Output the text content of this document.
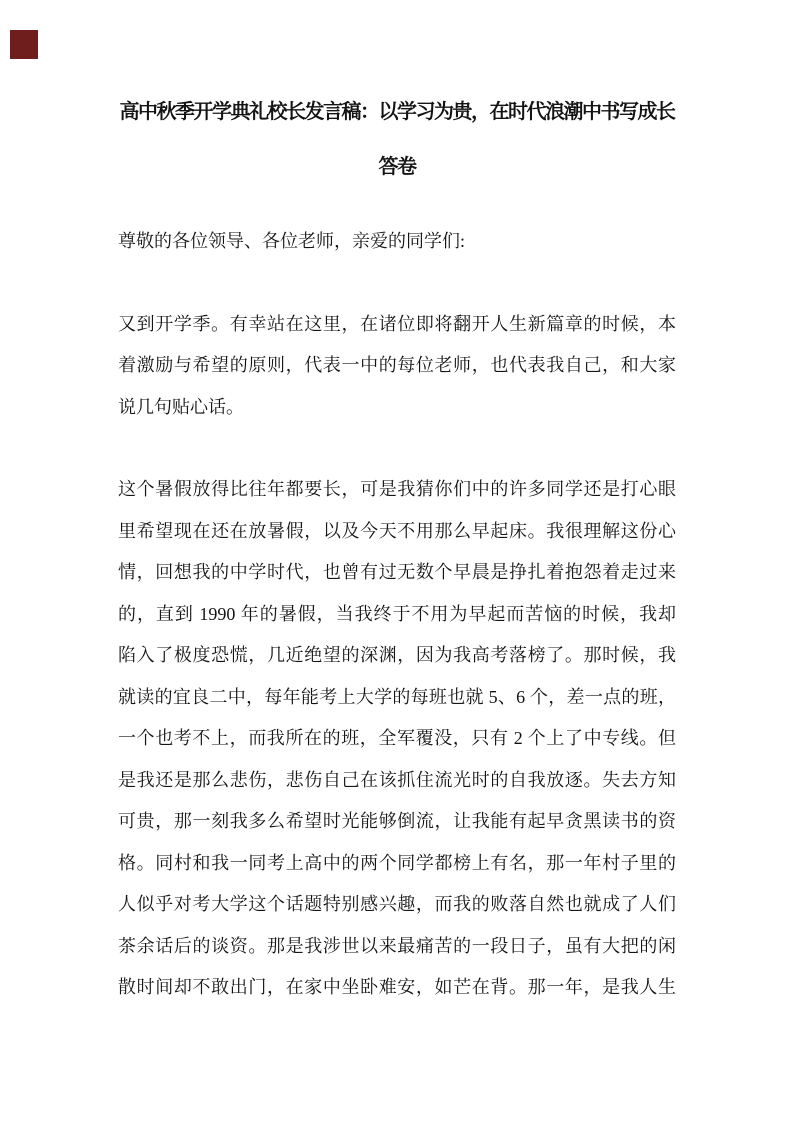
高中秋季开学典礼校长发言稿：以学习为贵，在时代浪潮中书写成长
答卷
尊敬的各位领导、各位老师，亲爱的同学们:
又到开学季。有幸站在这里，在诸位即将翻开人生新篇章的时候，本
着激励与希望的原则，代表一中的每位老师，也代表我自己，和大家
说几句贴心话。
这个暑假放得比往年都要长，可是我猜你们中的许多同学还是打心眼
里希望现在还在放暑假，以及今天不用那么早起床。我很理解这份心
情，回想我的中学时代，也曾有过无数个早晨是挣扎着抱怨着走过来
的，直到 1990 年的暑假，当我终于不用为早起而苦恼的时候，我却
陷入了极度恐慌，几近绝望的深渊，因为我高考落榜了。那时候，我
就读的宜良二中，每年能考上大学的每班也就 5、6 个，差一点的班，
一个也考不上，而我所在的班，全军覆没，只有 2 个上了中专线。但
是我还是那么悲伤，悲伤自己在该抓住流光时的自我放逐。失去方知
可贵，那一刻我多么希望时光能够倒流，让我能有起早贪黑读书的资
格。同村和我一同考上高中的两个同学都榜上有名，那一年村子里的
人似乎对考大学这个话题特别感兴趣，而我的败落自然也就成了人们
茶余话后的谈资。那是我涉世以来最痛苦的一段日子，虽有大把的闲
散时间却不敢出门，在家中坐卧难安，如芒在背。那一年，是我人生
